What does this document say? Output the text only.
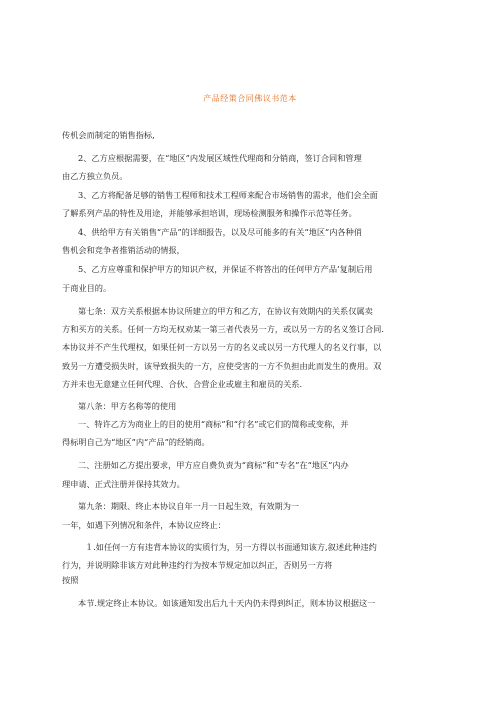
产品经策合同佛议书范本
传机会而制定的销售指标,
2、乙方应根据需要，在“地区”内发展区域性代理商和分销商，签订合同和管理
由乙方独立负员。
3、乙方将配备足够的销售工程师和技术工程师来配合市场销售的需求，他们会全面
了解系列产品的特性及用途，并能够承担培训，现场检测服务和操作示范等任务。
4、供给甲方有关销售“产品”的详细报告，以及尽可能多的有关“地区”内各种俏
售机会和竞争者推销活动的情报，
5、乙方应尊重和保护甲方的知识产权，并保证不将答出的任何甲方产品’复制后用
于商业目的。
第七条：双方关系根据本协议所建立的甲方和乙方，在协议有效期内的关系仅属卖
方和买方的关系。任何一方均无权劝某一第三者代表另一方，或以另一方的名义签订合同.
本协议并不产生代理权，如果任何一方以另一方的名义或以另一方代理人的名义行事，以
致另一方遭受损失时，该导致损失的一方，应使受害的一方不负担由此而发生的费用。双
方并未也无意建立任何代理、合伙、合营企业或雇主和雇员的关系.
第八条：甲方名称等的使用
一、特许乙方为商业上的目的使用“商标”和“行名”或它们的简称或变称，并
得标明自己为“地区”内“产品”的经销商。
二、注册如乙方提出要求，甲方应自费负责为“商标”和“专名”在“地区”内办
理申请、正式注册并保持其效力。
第九条：期限、终止本协议自年一月一日起生效，有效期为一
一年，如遇下列情况和条件，本协议应终止：
１.如任何一方有违背本协议的实质行为，另一方得以书面通知该方,叙述此种违约
行为，并说明除非该方对此种违约行为按本节规定加以纠正，否则另一方将
按照
本节.规定终止本协议。如该通知发出后九十天内仍未得到纠正，则本协议根据这一
